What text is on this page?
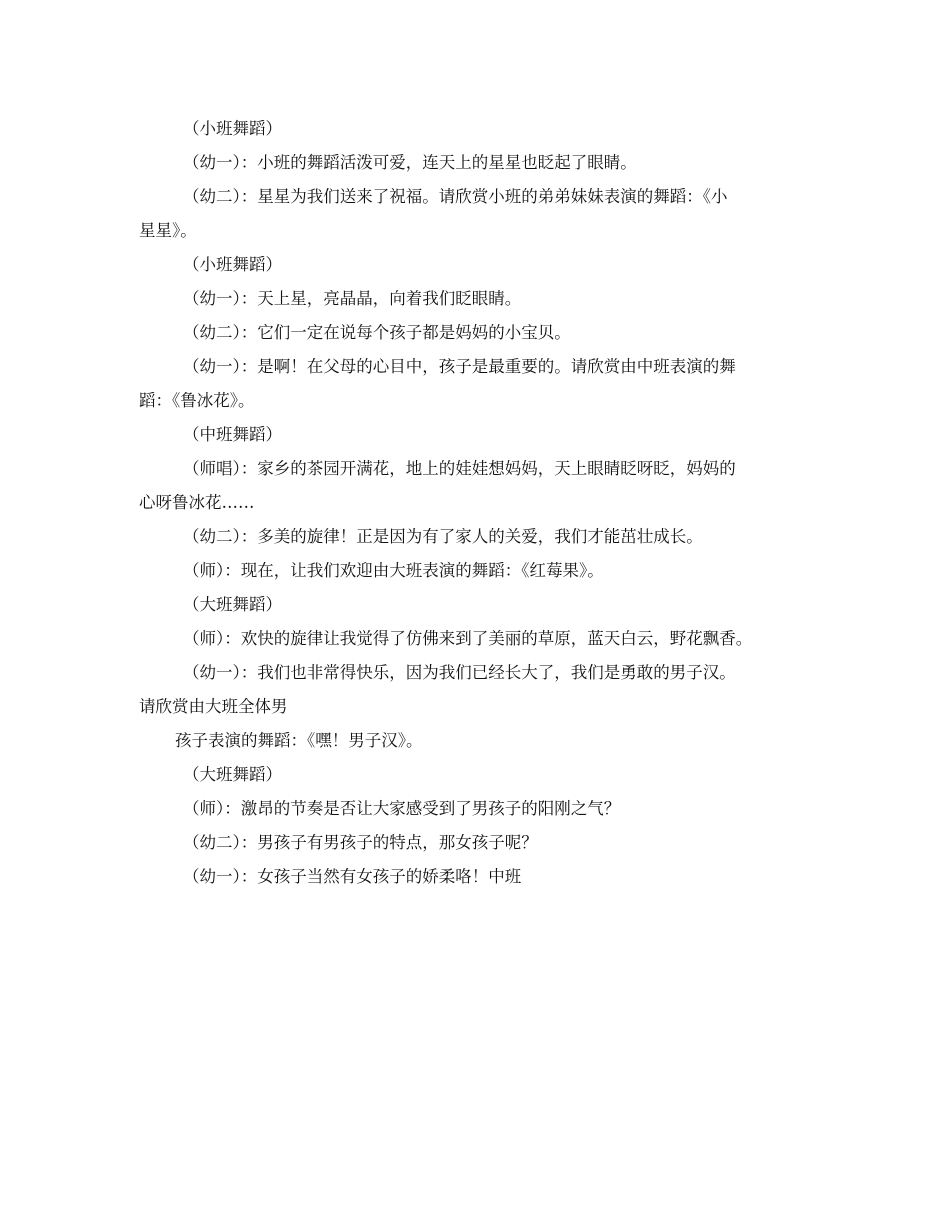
（小班舞蹈）
（幼一）：小班的舞蹈活泼可爱，连天上的星星也眨起了眼睛。
（幼二）：星星为我们送来了祝福。请欣赏小班的弟弟妹妹表演的舞蹈：《小
星星》。
（小班舞蹈）
（幼一）：天上星，亮晶晶，向着我们眨眼睛。
（幼二）：它们一定在说每个孩子都是妈妈的小宝贝。
（幼一）：是啊！在父母的心目中，孩子是最重要的。请欣赏由中班表演的舞
蹈：《鲁冰花》。
（中班舞蹈）
（师唱）：家乡的茶园开满花，地上的娃娃想妈妈，天上眼睛眨呀眨，妈妈的
心呀鲁冰花……
（幼二）：多美的旋律！正是因为有了家人的关爱，我们才能茁壮成长。
（师）：现在，让我们欢迎由大班表演的舞蹈：《红莓果》。
（大班舞蹈）
（师）：欢快的旋律让我觉得了仿佛来到了美丽的草原，蓝天白云，野花飘香。
（幼一）：我们也非常得快乐，因为我们已经长大了，我们是勇敢的男子汉。
请欣赏由大班全体男
孩子表演的舞蹈：《嘿！男子汉》。
（大班舞蹈）
（师）：激昂的节奏是否让大家感受到了男孩子的阳刚之气？
（幼二）：男孩子有男孩子的特点，那女孩子呢？
（幼一）：女孩子当然有女孩子的娇柔咯！中班
